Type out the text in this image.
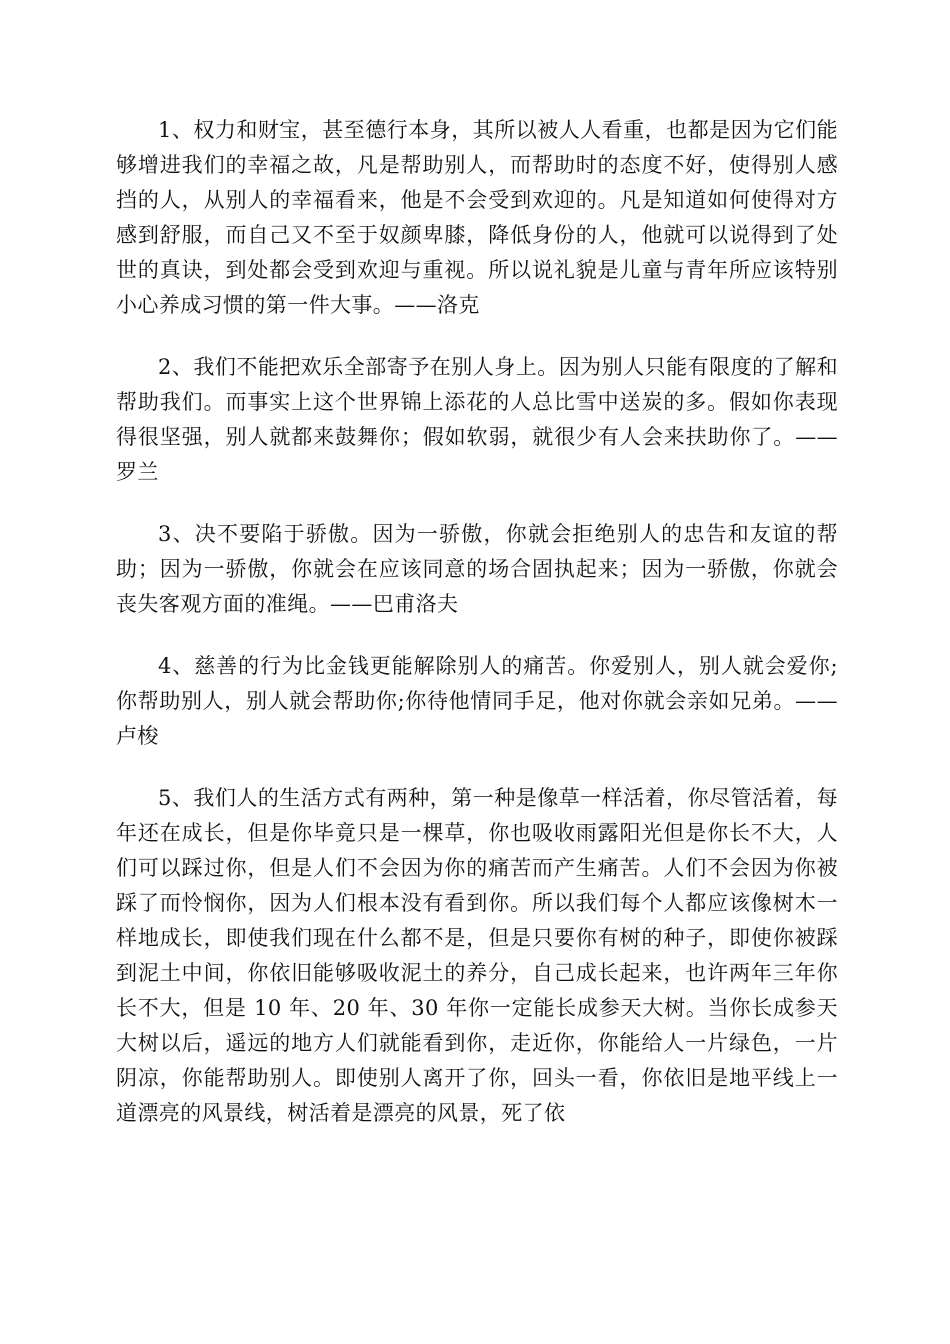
1、权力和财宝，甚至德行本身，其所以被人人看重，也都是因为它们能够增进我们的幸福之故，凡是帮助别人，而帮助时的态度不好，使得别人感挡的人，从别人的幸福看来，他是不会受到欢迎的。凡是知道如何使得对方感到舒服，而自己又不至于奴颜卑膝，降低身份的人，他就可以说得到了处世的真诀，到处都会受到欢迎与重视。所以说礼貌是儿童与青年所应该特别小心养成习惯的第一件大事。——洛克

2、我们不能把欢乐全部寄予在别人身上。因为别人只能有限度的了解和帮助我们。而事实上这个世界锦上添花的人总比雪中送炭的多。假如你表现得很坚强，别人就都来鼓舞你；假如软弱，就很少有人会来扶助你了。——罗兰

3、决不要陷于骄傲。因为一骄傲，你就会拒绝别人的忠告和友谊的帮助；因为一骄傲，你就会在应该同意的场合固执起来；因为一骄傲，你就会丧失客观方面的准绳。——巴甫洛夫

4、慈善的行为比金钱更能解除别人的痛苦。你爱别人，别人就会爱你;你帮助别人，别人就会帮助你;你待他情同手足，他对你就会亲如兄弟。——卢梭

5、我们人的生活方式有两种，第一种是像草一样活着，你尽管活着，每年还在成长，但是你毕竟只是一棵草，你也吸收雨露阳光但是你长不大，人们可以踩过你，但是人们不会因为你的痛苦而产生痛苦。人们不会因为你被踩了而怜悯你，因为人们根本没有看到你。所以我们每个人都应该像树木一样地成长，即使我们现在什么都不是，但是只要你有树的种子，即使你被踩到泥土中间，你依旧能够吸收泥土的养分，自己成长起来，也许两年三年你长不大，但是 10 年、20 年、30 年你一定能长成参天大树。当你长成参天大树以后，遥远的地方人们就能看到你，走近你，你能给人一片绿色，一片阴凉，你能帮助别人。即使别人离开了你，回头一看，你依旧是地平线上一道漂亮的风景线，树活着是漂亮的风景，死了依
